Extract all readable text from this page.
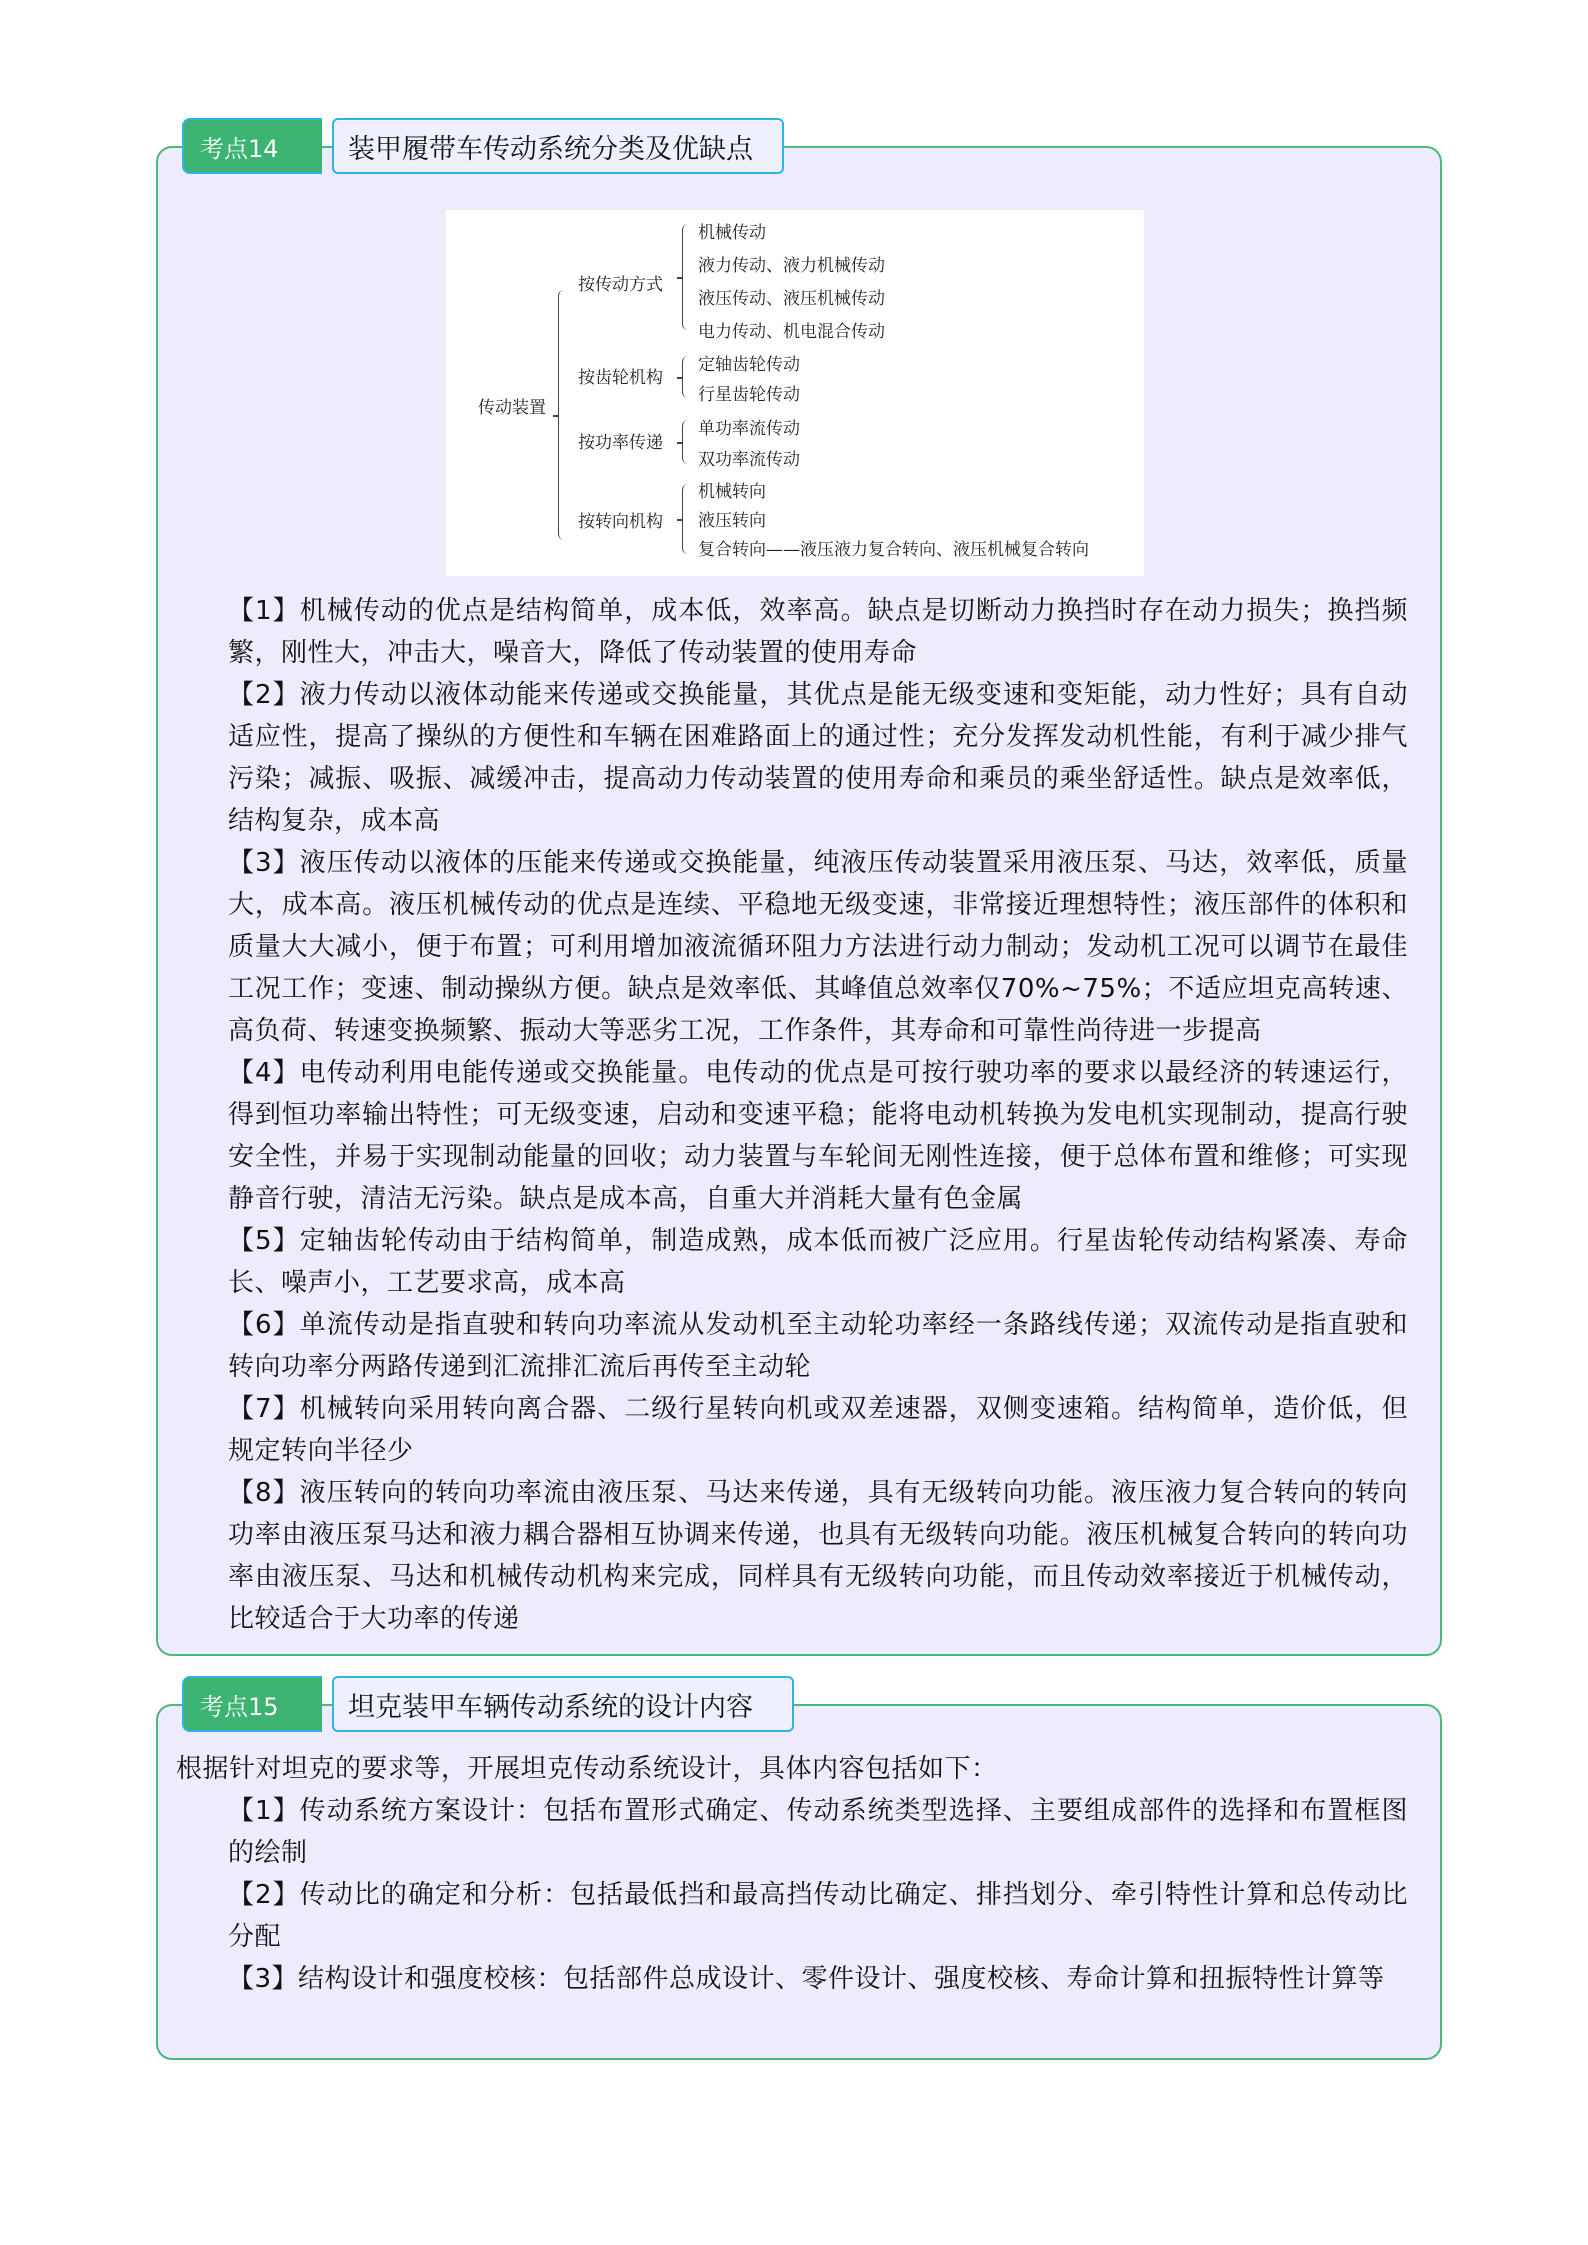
考点14	装甲履带车传动系统分类及优缺点
传动装置
按传动方式
机械传动
液力传动、液力机械传动
液压传动、液压机械传动
电力传动、机电混合传动
按齿轮机构
定轴齿轮传动
行星齿轮传动
按功率传递
单功率流传动
双功率流传动
按转向机构
机械转向
液压转向
复合转向——液压液力复合转向、液压机械复合转向

【1】机械传动的优点是结构简单，成本低，效率高。缺点是切断动力换挡时存在动力损失；换挡频繁，刚性大，冲击大，噪音大，降低了传动装置的使用寿命

【2】液力传动以液体动能来传递或交换能量，其优点是能无级变速和变矩能，动力性好；具有自动适应性，提高了操纵的方便性和车辆在困难路面上的通过性；充分发挥发动机性能，有利于减少排气污染；减振、吸振、减缓冲击，提高动力传动装置的使用寿命和乘员的乘坐舒适性。缺点是效率低，结构复杂，成本高

【3】液压传动以液体的压能来传递或交换能量，纯液压传动装置采用液压泵、马达，效率低，质量大，成本高。液压机械传动的优点是连续、平稳地无级变速，非常接近理想特性；液压部件的体积和质量大大减小，便于布置；可利用增加液流循环阻力方法进行动力制动；发动机工况可以调节在最佳工况工作；变速、制动操纵方便。缺点是效率低、其峰值总效率仅70%~75%；不适应坦克高转速、高负荷、转速变换频繁、振动大等恶劣工况，工作条件，其寿命和可靠性尚待进一步提高

【4】电传动利用电能传递或交换能量。电传动的优点是可按行驶功率的要求以最经济的转速运行，得到恒功率输出特性；可无级变速，启动和变速平稳；能将电动机转换为发电机实现制动，提高行驶安全性，并易于实现制动能量的回收；动力装置与车轮间无刚性连接，便于总体布置和维修；可实现静音行驶，清洁无污染。缺点是成本高，自重大并消耗大量有色金属

【5】定轴齿轮传动由于结构简单，制造成熟，成本低而被广泛应用。行星齿轮传动结构紧凑、寿命长、噪声小，工艺要求高，成本高

【6】单流传动是指直驶和转向功率流从发动机至主动轮功率经一条路线传递；双流传动是指直驶和转向功率分两路传递到汇流排汇流后再传至主动轮

【7】机械转向采用转向离合器、二级行星转向机或双差速器，双侧变速箱。结构简单，造价低，但规定转向半径少

【8】液压转向的转向功率流由液压泵、马达来传递，具有无级转向功能。液压液力复合转向的转向功率由液压泵马达和液力耦合器相互协调来传递，也具有无级转向功能。液压机械复合转向的转向功率由液压泵、马达和机械传动机构来完成，同样具有无级转向功能，而且传动效率接近于机械传动，比较适合于大功率的传递

考点15	坦克装甲车辆传动系统的设计内容

根据针对坦克的要求等，开展坦克传动系统设计，具体内容包括如下：

【1】传动系统方案设计：包括布置形式确定、传动系统类型选择、主要组成部件的选择和布置框图的绘制

【2】传动比的确定和分析：包括最低挡和最高挡传动比确定、排挡划分、牵引特性计算和总传动比分配

【3】结构设计和强度校核：包括部件总成设计、零件设计、强度校核、寿命计算和扭振特性计算等
